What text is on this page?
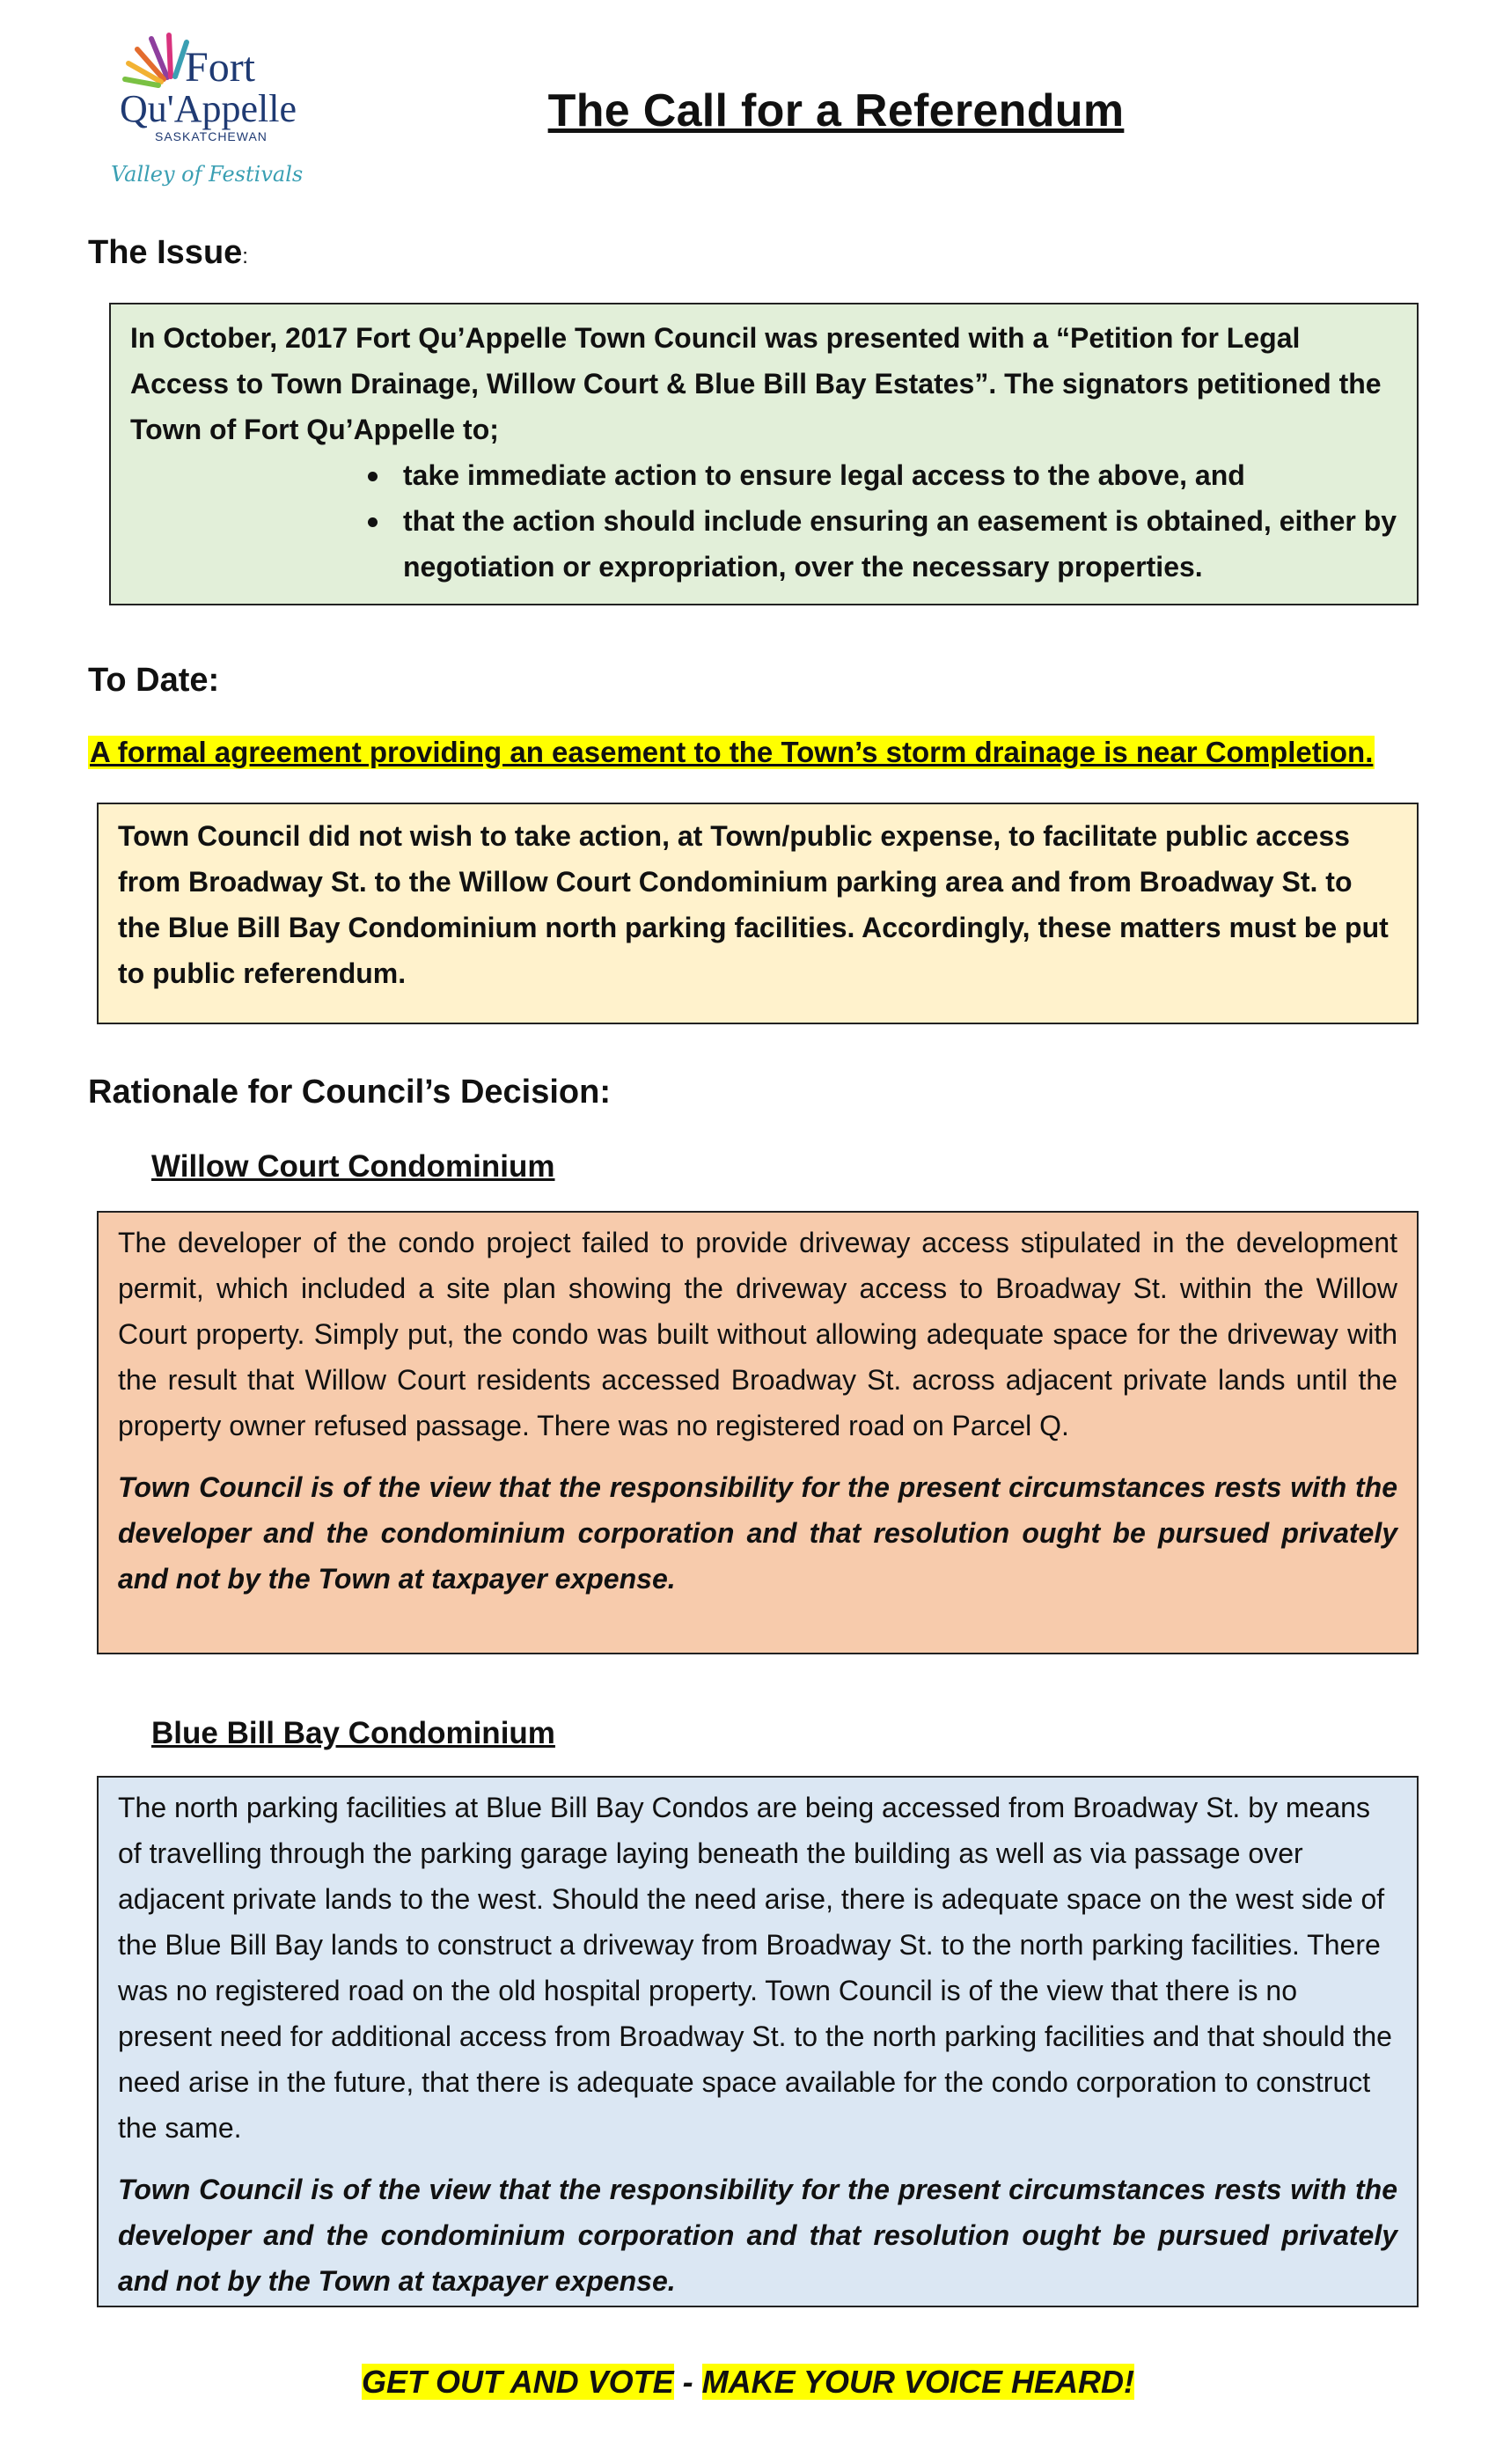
Fort
Qu'Appelle
SASKATCHEWAN
Valley of Festivals
The Call for a Referendum
The Issue:

In October, 2017 Fort Qu’Appelle Town Council was presented with a “Petition for Legal Access to Town Drainage, Willow Court & Blue Bill Bay Estates”. The signators petitioned the Town of Fort Qu’Appelle to;

take immediate action to ensure legal access to the above, and
that the action should include ensuring an easement is obtained, either by negotiation or expropriation, over the necessary properties.
To Date:
A formal agreement providing an easement to the Town’s storm drainage is near Completion.

Town Council did not wish to take action, at Town/public expense, to facilitate public access from Broadway St. to the Willow Court Condominium parking area and from Broadway St. to the Blue Bill Bay Condominium north parking facilities. Accordingly, these matters must be put to public referendum.

Rationale for Council’s Decision:
Willow Court Condominium

The developer of the condo project failed to provide driveway access stipulated in the development permit, which included a site plan showing the driveway access to Broadway St. within the Willow Court property. Simply put, the condo was built without allowing adequate space for the driveway with the result that Willow Court residents accessed Broadway St. across adjacent private lands until the property owner refused passage. There was no registered road on Parcel Q.

Town Council is of the view that the responsibility for the present circumstances rests with the developer and the condominium corporation and that resolution ought be pursued privately and not by the Town at taxpayer expense.

Blue Bill Bay Condominium

The north parking facilities at Blue Bill Bay Condos are being accessed from Broadway St. by means of travelling through the parking garage laying beneath the building as well as via passage over adjacent private lands to the west. Should the need arise, there is adequate space on the west side of the Blue Bill Bay lands to construct a driveway from Broadway St. to the north parking facilities. There was no registered road on the old hospital property. Town Council is of the view that there is no present need for additional access from Broadway St. to the north parking facilities and that should the need arise in the future, that there is adequate space available for the condo corporation to construct the same.

Town Council is of the view that the responsibility for the present circumstances rests with the developer and the condominium corporation and that resolution ought be pursued privately and not by the Town at taxpayer expense.

GET OUT AND VOTE - MAKE YOUR VOICE HEARD!
